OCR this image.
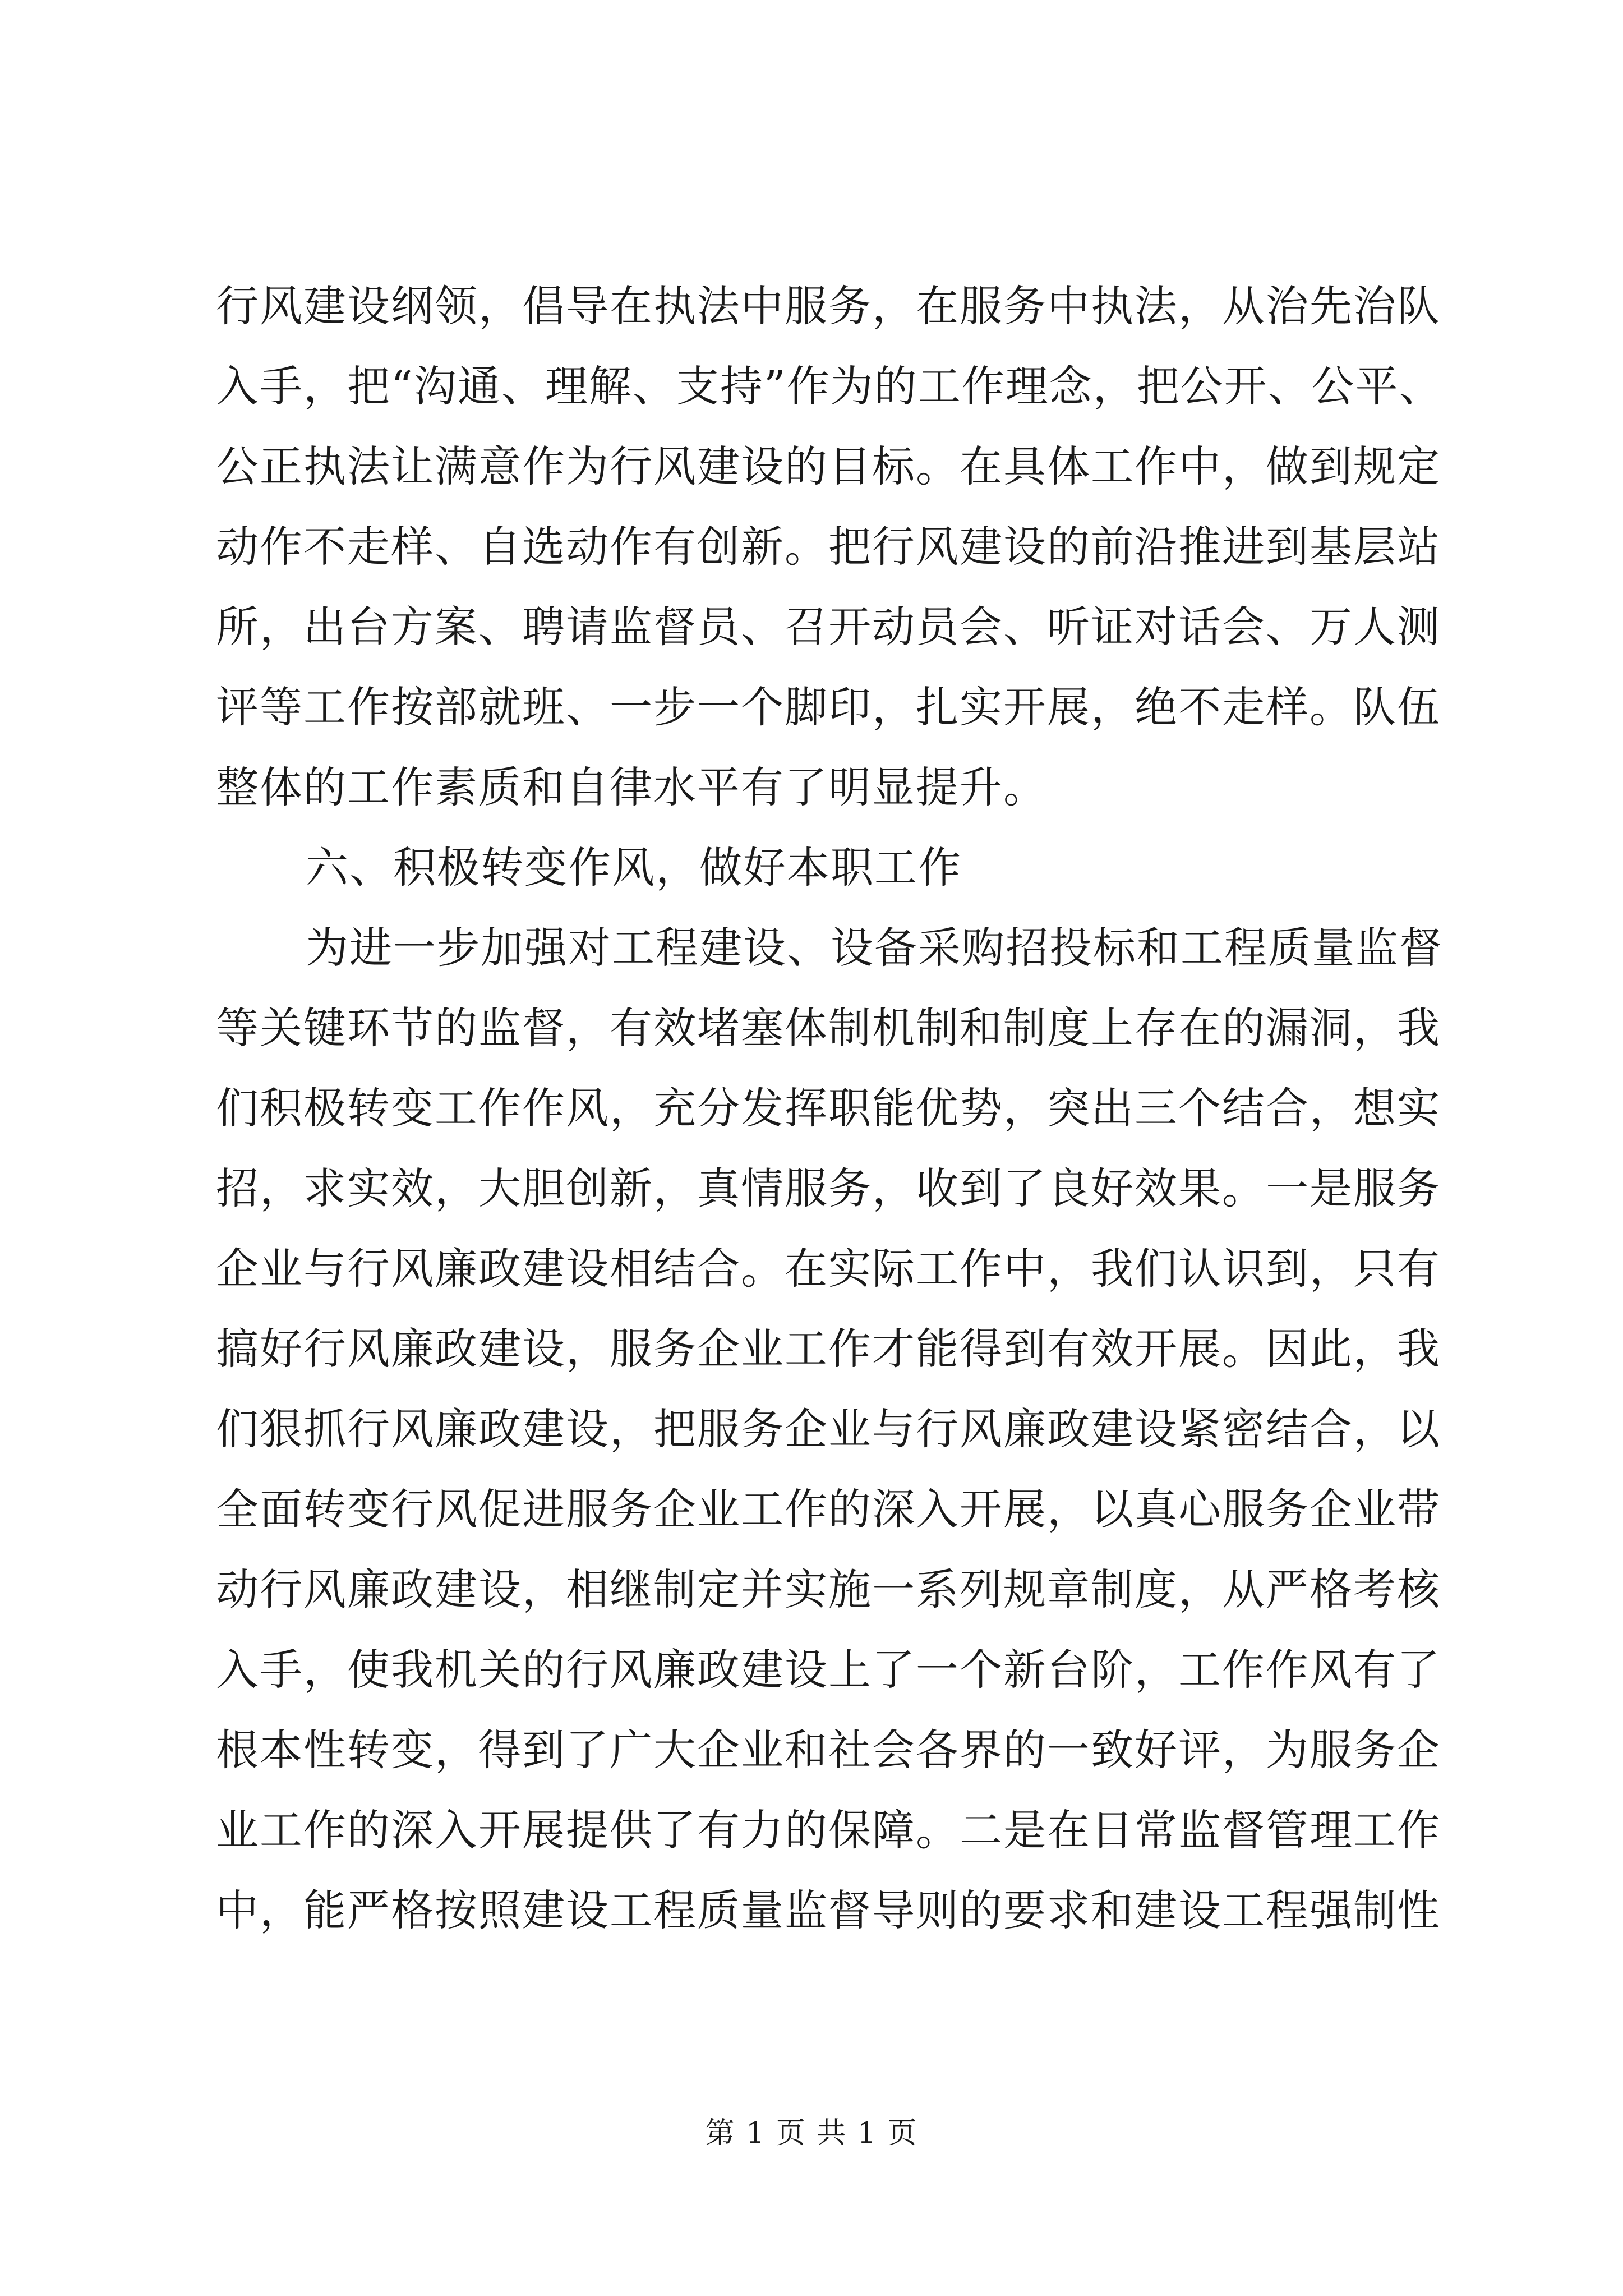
行风建设纲领，倡导在执法中服务，在服务中执法，从治先治队
入手，把“沟通、理解、支持”作为的工作理念，把公开、公平、
公正执法让满意作为行风建设的目标。在具体工作中，做到规定
动作不走样、自选动作有创新。把行风建设的前沿推进到基层站
所，出台方案、聘请监督员、召开动员会、听证对话会、万人测
评等工作按部就班、一步一个脚印，扎实开展，绝不走样。队伍
整体的工作素质和自律水平有了明显提升。
六、积极转变作风，做好本职工作
为进一步加强对工程建设、设备采购招投标和工程质量监督
等关键环节的监督，有效堵塞体制机制和制度上存在的漏洞，我
们积极转变工作作风，充分发挥职能优势，突出三个结合，想实
招，求实效，大胆创新，真情服务，收到了良好效果。一是服务
企业与行风廉政建设相结合。在实际工作中，我们认识到，只有
搞好行风廉政建设，服务企业工作才能得到有效开展。因此，我
们狠抓行风廉政建设，把服务企业与行风廉政建设紧密结合，以
全面转变行风促进服务企业工作的深入开展，以真心服务企业带
动行风廉政建设，相继制定并实施一系列规章制度，从严格考核
入手，使我机关的行风廉政建设上了一个新台阶，工作作风有了
根本性转变，得到了广大企业和社会各界的一致好评，为服务企
业工作的深入开展提供了有力的保障。二是在日常监督管理工作
中，能严格按照建设工程质量监督导则的要求和建设工程强制性
第 1 页 共 1 页
